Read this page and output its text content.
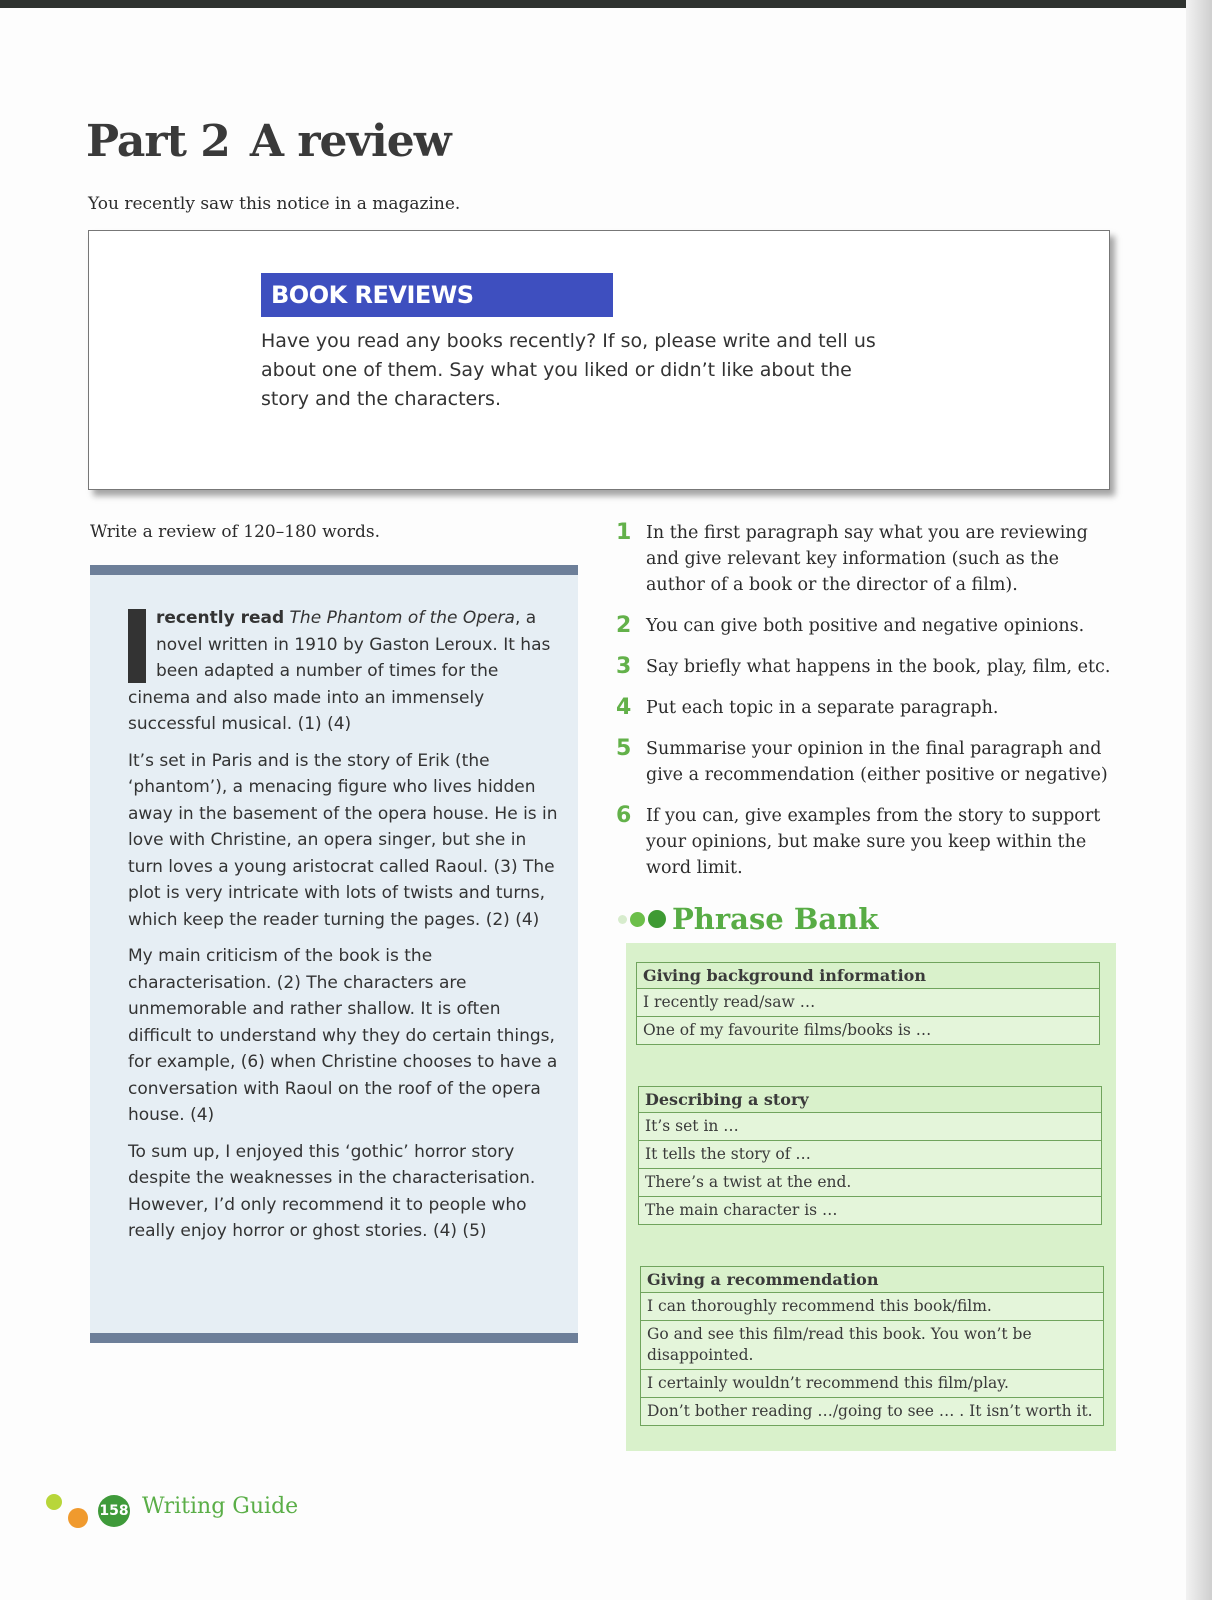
Part 2 A review

You recently saw this notice in a magazine.

BOOK REVIEWS

Have you read any books recently? If so, please write and tell us about one of them. Say what you liked or didn’t like about the story and the characters.

Write a review of 120–180 words.

recently read The Phantom of the Opera, a novel written in 1910 by Gaston Leroux. It has been adapted a number of times for the cinema and also made into an immensely successful musical. (1) (4)

It’s set in Paris and is the story of Erik (the ‘phantom’), a menacing figure who lives hidden away in the basement of the opera house. He is in love with Christine, an opera singer, but she in turn loves a young aristocrat called Raoul. (3) The plot is very intricate with lots of twists and turns, which keep the reader turning the pages. (2) (4)

My main criticism of the book is the characterisation. (2) The characters are unmemorable and rather shallow. It is often difficult to understand why they do certain things, for example, (6) when Christine chooses to have a conversation with Raoul on the roof of the opera house. (4)

To sum up, I enjoyed this ‘gothic’ horror story despite the weaknesses in the characterisation. However, I’d only recommend it to people who really enjoy horror or ghost stories. (4) (5)

1 In the first paragraph say what you are reviewing and give relevant key information (such as the author of a book or the director of a film).
2 You can give both positive and negative opinions.
3 Say briefly what happens in the book, play, film, etc.
4 Put each topic in a separate paragraph.
5 Summarise your opinion in the final paragraph and give a recommendation (either positive or negative)
6 If you can, give examples from the story to support your opinions, but make sure you keep within the word limit.
Phrase Bank
Giving background information
I recently read/saw …
One of my favourite films/books is …
Describing a story
It’s set in …
It tells the story of …
There’s a twist at the end.
The main character is …
Giving a recommendation
I can thoroughly recommend this book/film.
Go and see this film/read this book. You won’t be disappointed.
I certainly wouldn’t recommend this film/play.
Don’t bother reading …/going to see … . It isn’t worth it.
158 Writing Guide
